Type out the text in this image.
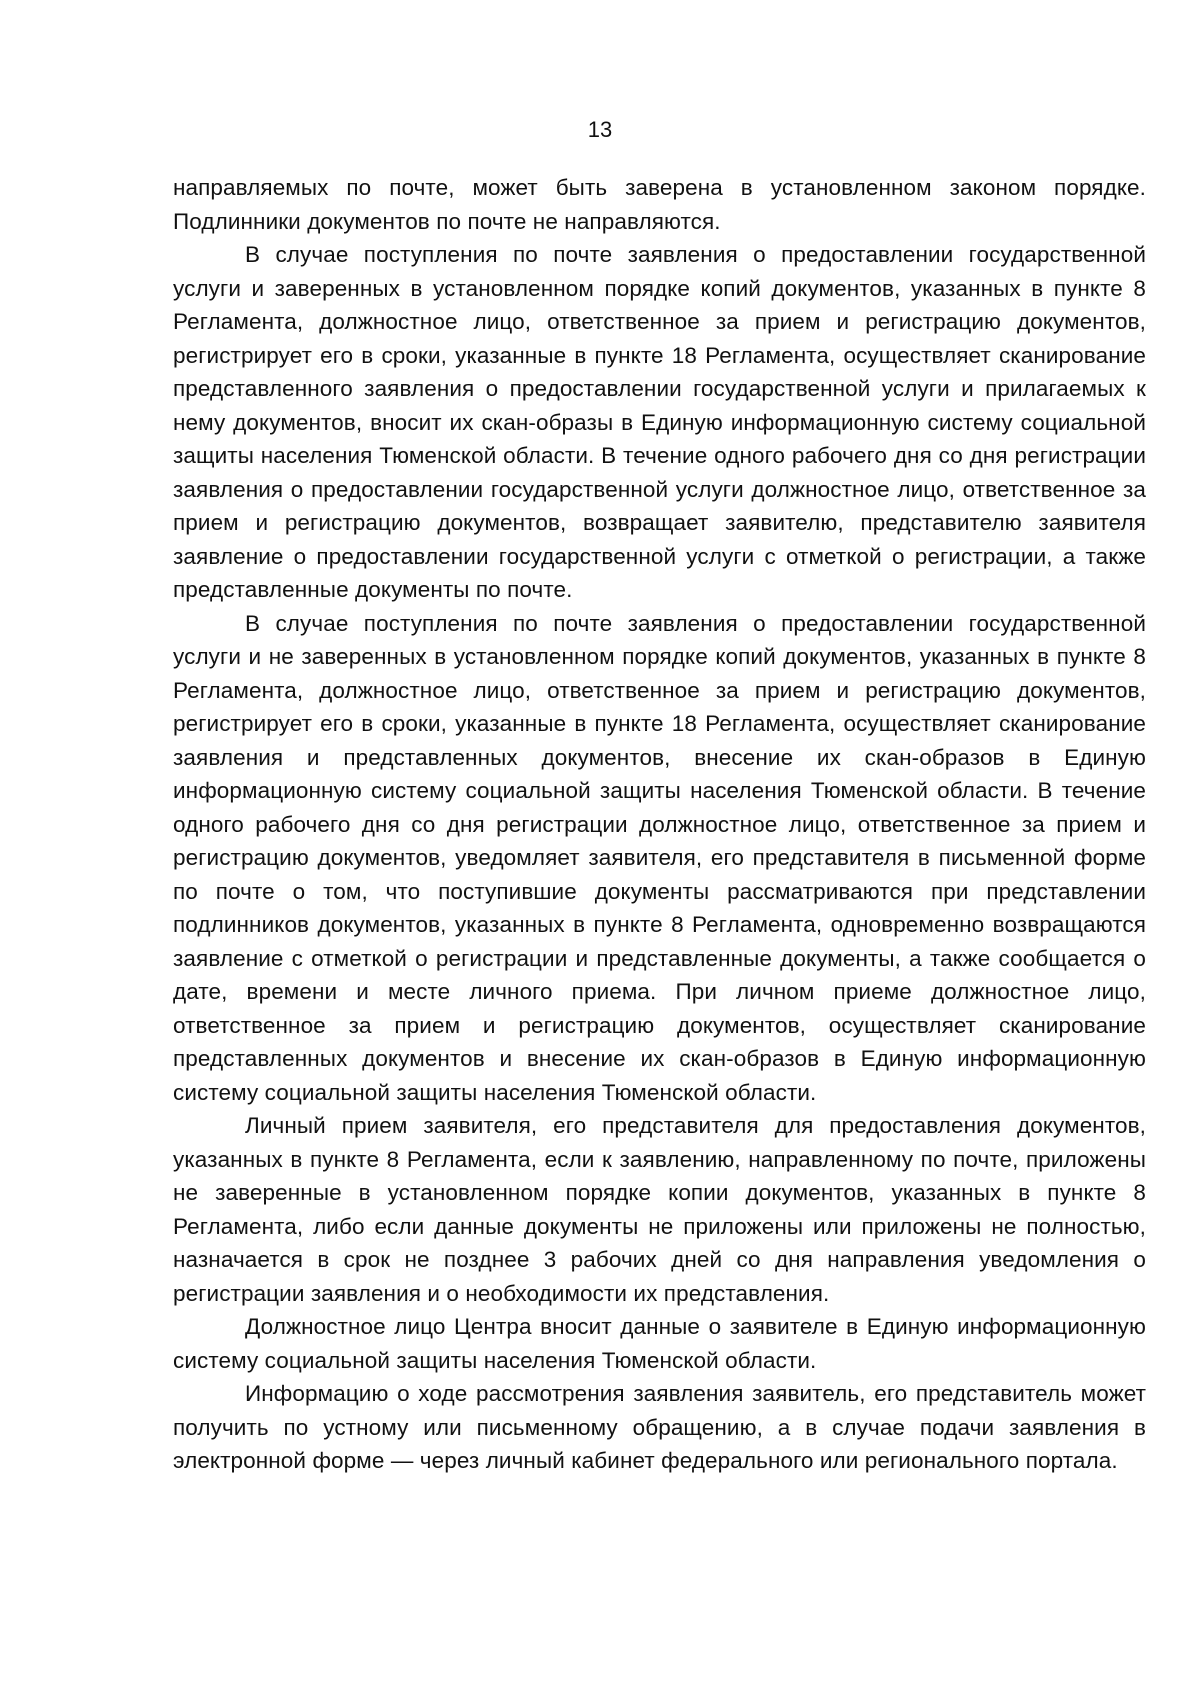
13

направляемых по почте, может быть заверена в установленном законом порядке. Подлинники документов по почте не направляются.

В случае поступления по почте заявления о предоставлении государственной услуги и заверенных в установленном порядке копий документов, указанных в пункте 8 Регламента, должностное лицо, ответственное за прием и регистрацию документов, регистрирует его в сроки, указанные в пункте 18 Регламента, осуществляет сканирование представленного заявления о предоставлении государственной услуги и прилагаемых к нему документов, вносит их скан-образы в Единую информационную систему социальной защиты населения Тюменской области. В течение одного рабочего дня со дня регистрации заявления о предоставлении государственной услуги должностное лицо, ответственное за прием и регистрацию документов, возвращает заявителю, представителю заявителя заявление о предоставлении государственной услуги с отметкой о регистрации, а также представленные документы по почте.

В случае поступления по почте заявления о предоставлении государственной услуги и не заверенных в установленном порядке копий документов, указанных в пункте 8 Регламента, должностное лицо, ответственное за прием и регистрацию документов, регистрирует его в сроки, указанные в пункте 18 Регламента, осуществляет сканирование заявления и представленных документов, внесение их скан-образов в Единую информационную систему социальной защиты населения Тюменской области. В течение одного рабочего дня со дня регистрации должностное лицо, ответственное за прием и регистрацию документов, уведомляет заявителя, его представителя в письменной форме по почте о том, что поступившие документы рассматриваются при представлении подлинников документов, указанных в пункте 8 Регламента, одновременно возвращаются заявление с отметкой о регистрации и представленные документы, а также сообщается о дате, времени и месте личного приема. При личном приеме должностное лицо, ответственное за прием и регистрацию документов, осуществляет сканирование представленных документов и внесение их скан-образов в Единую информационную систему социальной защиты населения Тюменской области.

Личный прием заявителя, его представителя для предоставления документов, указанных в пункте 8 Регламента, если к заявлению, направленному по почте, приложены не заверенные в установленном порядке копии документов, указанных в пункте 8 Регламента, либо если данные документы не приложены или приложены не полностью, назначается в срок не позднее 3 рабочих дней со дня направления уведомления о регистрации заявления и о необходимости их представления.

Должностное лицо Центра вносит данные о заявителе в Единую информационную систему социальной защиты населения Тюменской области.

Информацию о ходе рассмотрения заявления заявитель, его представитель может получить по устному или письменному обращению, а в случае подачи заявления в электронной форме — через личный кабинет федерального или регионального портала.
